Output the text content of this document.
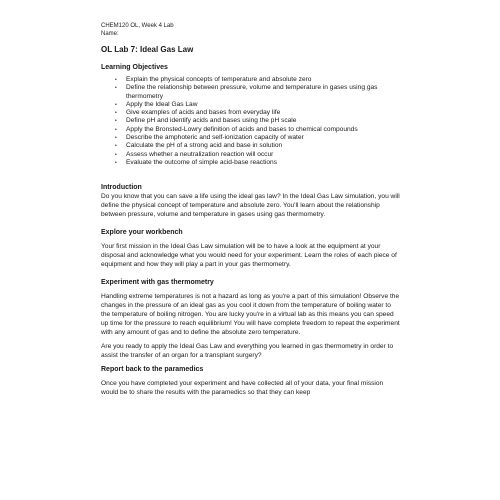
CHEM120 OL, Week 4 Lab

Name:

OL Lab 7: Ideal Gas Law
Learning Objectives
• Explain the physical concepts of temperature and absolute zero
• Define the relationship between pressure, volume and temperature in gases using gas thermometry
• Apply the Ideal Gas Law
• Give examples of acids and bases from everyday life
• Define pH and identify acids and bases using the pH scale
• Apply the Bronsted-Lowry definition of acids and bases to chemical compounds
• Describe the amphoteric and self-ionization capacity of water
• Calculate the pH of a strong acid and base in solution
• Assess whether a neutralization reaction will occur
• Evaluate the outcome of simple acid-base reactions
Introduction

Do you know that you can save a life using the ideal gas law? In the Ideal Gas Law simulation, you will define the physical concept of temperature and absolute zero. You'll learn about the relationship between pressure, volume and temperature in gases using gas thermometry.

Explore your workbench

Your first mission in the Ideal Gas Law simulation will be to have a look at the equipment at your disposal and acknowledge what you would need for your experiment. Learn the roles of each piece of equipment and how they will play a part in your gas thermometry.

Experiment with gas thermometry

Handling extreme temperatures is not a hazard as long as you're a part of this simulation! Observe the changes in the pressure of an ideal gas as you cool it down from the temperature of boiling water to the temperature of boiling nitrogen. You are lucky you're in a virtual lab as this means you can speed up time for the pressure to reach equilibrium! You will have complete freedom to repeat the experiment with any amount of gas and to define the absolute zero temperature.

Are you ready to apply the Ideal Gas Law and everything you learned in gas thermometry in order to assist the transfer of an organ for a transplant surgery?

Report back to the paramedics

Once you have completed your experiment and have collected all of your data, your final mission would be to share the results with the paramedics so that they can keep
